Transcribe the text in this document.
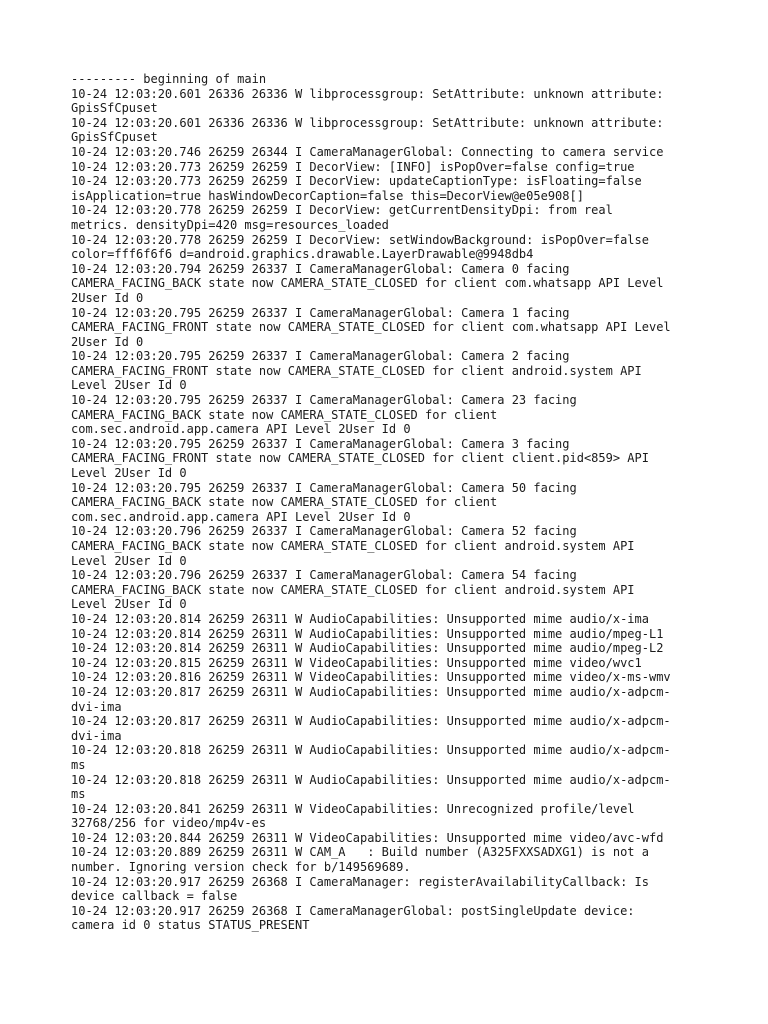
--------- beginning of main
10-24 12:03:20.601 26336 26336 W libprocessgroup: SetAttribute: unknown attribute:
GpisSfCpuset
10-24 12:03:20.601 26336 26336 W libprocessgroup: SetAttribute: unknown attribute:
GpisSfCpuset
10-24 12:03:20.746 26259 26344 I CameraManagerGlobal: Connecting to camera service
10-24 12:03:20.773 26259 26259 I DecorView: [INFO] isPopOver=false config=true
10-24 12:03:20.773 26259 26259 I DecorView: updateCaptionType: isFloating=false
isApplication=true hasWindowDecorCaption=false this=DecorView@e05e908[]
10-24 12:03:20.778 26259 26259 I DecorView: getCurrentDensityDpi: from real
metrics. densityDpi=420 msg=resources_loaded
10-24 12:03:20.778 26259 26259 I DecorView: setWindowBackground: isPopOver=false
color=fff6f6f6 d=android.graphics.drawable.LayerDrawable@9948db4
10-24 12:03:20.794 26259 26337 I CameraManagerGlobal: Camera 0 facing
CAMERA_FACING_BACK state now CAMERA_STATE_CLOSED for client com.whatsapp API Level
2User Id 0
10-24 12:03:20.795 26259 26337 I CameraManagerGlobal: Camera 1 facing
CAMERA_FACING_FRONT state now CAMERA_STATE_CLOSED for client com.whatsapp API Level
2User Id 0
10-24 12:03:20.795 26259 26337 I CameraManagerGlobal: Camera 2 facing
CAMERA_FACING_FRONT state now CAMERA_STATE_CLOSED for client android.system API
Level 2User Id 0
10-24 12:03:20.795 26259 26337 I CameraManagerGlobal: Camera 23 facing
CAMERA_FACING_BACK state now CAMERA_STATE_CLOSED for client
com.sec.android.app.camera API Level 2User Id 0
10-24 12:03:20.795 26259 26337 I CameraManagerGlobal: Camera 3 facing
CAMERA_FACING_FRONT state now CAMERA_STATE_CLOSED for client client.pid<859> API
Level 2User Id 0
10-24 12:03:20.795 26259 26337 I CameraManagerGlobal: Camera 50 facing
CAMERA_FACING_BACK state now CAMERA_STATE_CLOSED for client
com.sec.android.app.camera API Level 2User Id 0
10-24 12:03:20.796 26259 26337 I CameraManagerGlobal: Camera 52 facing
CAMERA_FACING_BACK state now CAMERA_STATE_CLOSED for client android.system API
Level 2User Id 0
10-24 12:03:20.796 26259 26337 I CameraManagerGlobal: Camera 54 facing
CAMERA_FACING_BACK state now CAMERA_STATE_CLOSED for client android.system API
Level 2User Id 0
10-24 12:03:20.814 26259 26311 W AudioCapabilities: Unsupported mime audio/x-ima
10-24 12:03:20.814 26259 26311 W AudioCapabilities: Unsupported mime audio/mpeg-L1
10-24 12:03:20.814 26259 26311 W AudioCapabilities: Unsupported mime audio/mpeg-L2
10-24 12:03:20.815 26259 26311 W VideoCapabilities: Unsupported mime video/wvc1
10-24 12:03:20.816 26259 26311 W VideoCapabilities: Unsupported mime video/x-ms-wmv
10-24 12:03:20.817 26259 26311 W AudioCapabilities: Unsupported mime audio/x-adpcm-
dvi-ima
10-24 12:03:20.817 26259 26311 W AudioCapabilities: Unsupported mime audio/x-adpcm-
dvi-ima
10-24 12:03:20.818 26259 26311 W AudioCapabilities: Unsupported mime audio/x-adpcm-
ms
10-24 12:03:20.818 26259 26311 W AudioCapabilities: Unsupported mime audio/x-adpcm-
ms
10-24 12:03:20.841 26259 26311 W VideoCapabilities: Unrecognized profile/level
32768/256 for video/mp4v-es
10-24 12:03:20.844 26259 26311 W VideoCapabilities: Unsupported mime video/avc-wfd
10-24 12:03:20.889 26259 26311 W CAM_A   : Build number (A325FXXSADXG1) is not a
number. Ignoring version check for b/149569689.
10-24 12:03:20.917 26259 26368 I CameraManager: registerAvailabilityCallback: Is
device callback = false
10-24 12:03:20.917 26259 26368 I CameraManagerGlobal: postSingleUpdate device:
camera id 0 status STATUS_PRESENT
